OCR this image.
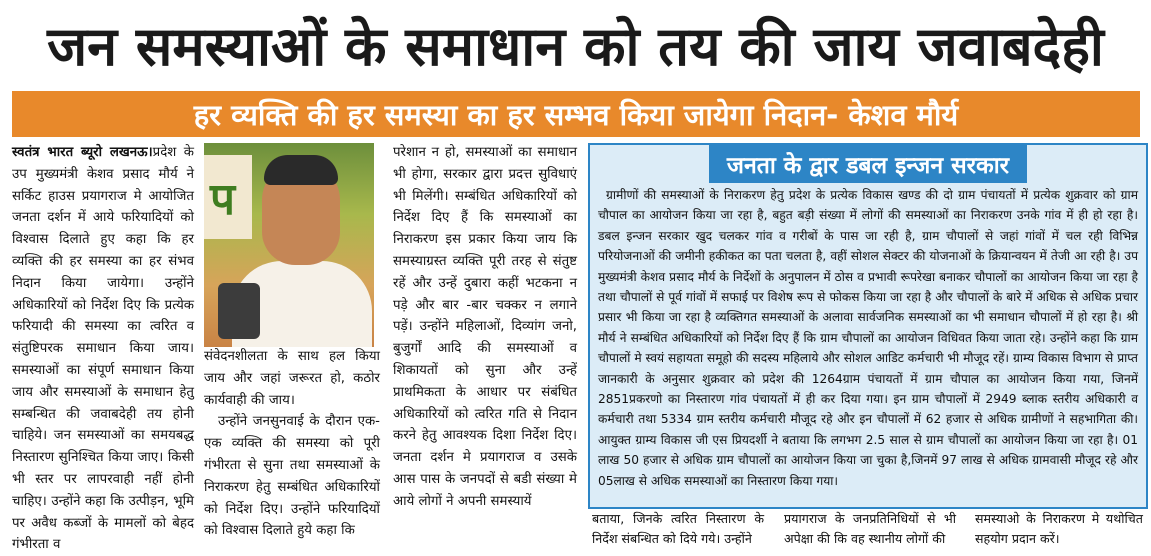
जन समस्याओं के समाधान को तय की जाय जवाबदेही
हर व्यक्ति की हर समस्या का हर सम्भव किया जायेगा निदान- केशव मौर्य

स्वतंत्र भारत ब्यूरो लखनऊ।प्रदेश के उप मुख्यमंत्री केशव प्रसाद मौर्य ने सर्किट हाउस प्रयागराज मे आयोजित जनता दर्शन में आये फरियादियों को विश्वास दिलाते हुए कहा कि हर व्यक्ति की हर समस्या का हर संभव निदान किया जायेगा। उन्होंने अधिकारियों को निर्देश दिए कि प्रत्येक फरियादी की समस्या का त्वरित व संतुष्टिपरक समाधान किया जाय। समस्याओं का संपूर्ण समाधान किया जाय और समस्याओं के समाधान हेतु सम्बन्धित की जवाबदेही तय होनी चाहिये। जन समस्याओं का समयबद्ध निस्तारण सुनिश्चित किया जाए। किसी भी स्तर पर लापरवाही नहीं होनी चाहिए। उन्होंने कहा कि उत्पीड़न, भूमि पर अवैध कब्जों के मामलों को बेहद गंभीरता व

प

संवेदनशीलता के साथ हल किया जाय और जहां जरूरत हो, कठोर कार्यवाही की जाय।

उन्होंने जनसुनवाई के दौरान एक-एक व्यक्ति की समस्या को पूरी गंभीरता से सुना तथा समस्याओं के निराकरण हेतु सम्बंधित अधिकारियों को निर्देश दिए। उन्होंने फरियादियों को विश्वास दिलाते हुये कहा कि

परेशान न हो, समस्याओं का समाधान भी होगा, सरकार द्वारा प्रदत्त सुविधाएं भी मिलेंगी। सम्बंधित अधिकारियों को निर्देश दिए हैं कि समस्याओं का निराकरण इस प्रकार किया जाय कि समस्याग्रस्त व्यक्ति पूरी तरह से संतुष्ट रहें और उन्हें दुबारा कहीं भटकना न पड़े और बार -बार चक्कर न लगाने पड़ें। उन्होंने महिलाओं, दिव्यांग जनो, बुजुर्गों आदि की समस्याओं व शिकायतों को सुना और उन्हें प्राथमिकता के आधार पर संबंधित अधिकारियों को त्वरित गति से निदान करने हेतु आवश्यक दिशा निर्देश दिए। जनता दर्शन मे प्रयागराज व उसके आस पास के जनपदों से बडी संख्या मे आये लोगों ने अपनी समस्यायें

जनता के द्वार डबल इन्जन सरकार

ग्रामीणों की समस्याओं के निराकरण हेतु प्रदेश के प्रत्येक विकास खण्ड की दो ग्राम पंचायतों में प्रत्येक शुक्रवार को ग्राम चौपाल का आयोजन किया जा रहा है, बहुत बड़ी संख्या में लोगों की समस्याओं का निराकरण उनके गांव में ही हो रहा है। डबल इन्जन सरकार खुद चलकर गांव व गरीबों के पास जा रही है, ग्राम चौपालों से जहां गांवों में चल रही विभिन्न परियोजनाओं की जमीनी हकीकत का पता चलता है, वहीं सोशल सेक्टर की योजनाओं के क्रियान्वयन में तेजी आ रही है। उप मुख्यमंत्री केशव प्रसाद मौर्य के निर्देशों के अनुपालन में ठोस व प्रभावी रूपरेखा बनाकर चौपालों का आयोजन किया जा रहा है तथा चौपालों से पूर्व गांवों में सफाई पर विशेष रूप से फोकस किया जा रहा है और चौपालों के बारे में अधिक से अधिक प्रचार प्रसार भी किया जा रहा है व्यक्तिगत समस्याओं के अलावा सार्वजनिक समस्याओं का भी समाधान चौपालों में हो रहा है। श्री मौर्य ने सम्बंधित अधिकारियों को निर्देश दिए हैं कि ग्राम चौपालों का आयोजन विधिवत किया जाता रहे। उन्होंने कहा कि ग्राम चौपालों मे स्वयं सहायता समूहो की सदस्य महिलाये और सोशल आडिट कर्मचारी भी मौजूद रहें। ग्राम्य विकास विभाग से प्राप्त जानकारी के अनुसार शुक्रवार को प्रदेश की 1264ग्राम पंचायतों में ग्राम चौपाल का आयोजन किया गया, जिनमें 2851प्रकरणो का निस्तारण गांव पंचायतों में ही कर दिया गया। इन ग्राम चौपालों में 2949 ब्लाक स्तरीय अधिकारी व कर्मचारी तथा 5334 ग्राम स्तरीय कर्मचारी मौजूद रहे और इन चौपालों में 62 हजार से अधिक ग्रामीणों ने सहभागिता की। आयुक्त ग्राम्य विकास जी एस प्रियदर्शी ने बताया कि लगभग 2.5 साल से ग्राम चौपालों का आयोजन किया जा रहा है। 01 लाख 50 हजार से अधिक ग्राम चौपालों का आयोजन किया जा चुका है,जिनमें 97 लाख से अधिक ग्रामवासी मौजूद रहे और 05लाख से अधिक समस्याओं का निस्तारण किया गया।

बताया, जिनके त्वरित निस्तारण के निर्देश संबन्धित को दिये गये। उन्होंने
प्रयागराज के जनप्रतिनिधियों से भी अपेक्षा की कि वह स्थानीय लोगों की
समस्याओ के निराकरण मे यथोचित सहयोग प्रदान करें।
